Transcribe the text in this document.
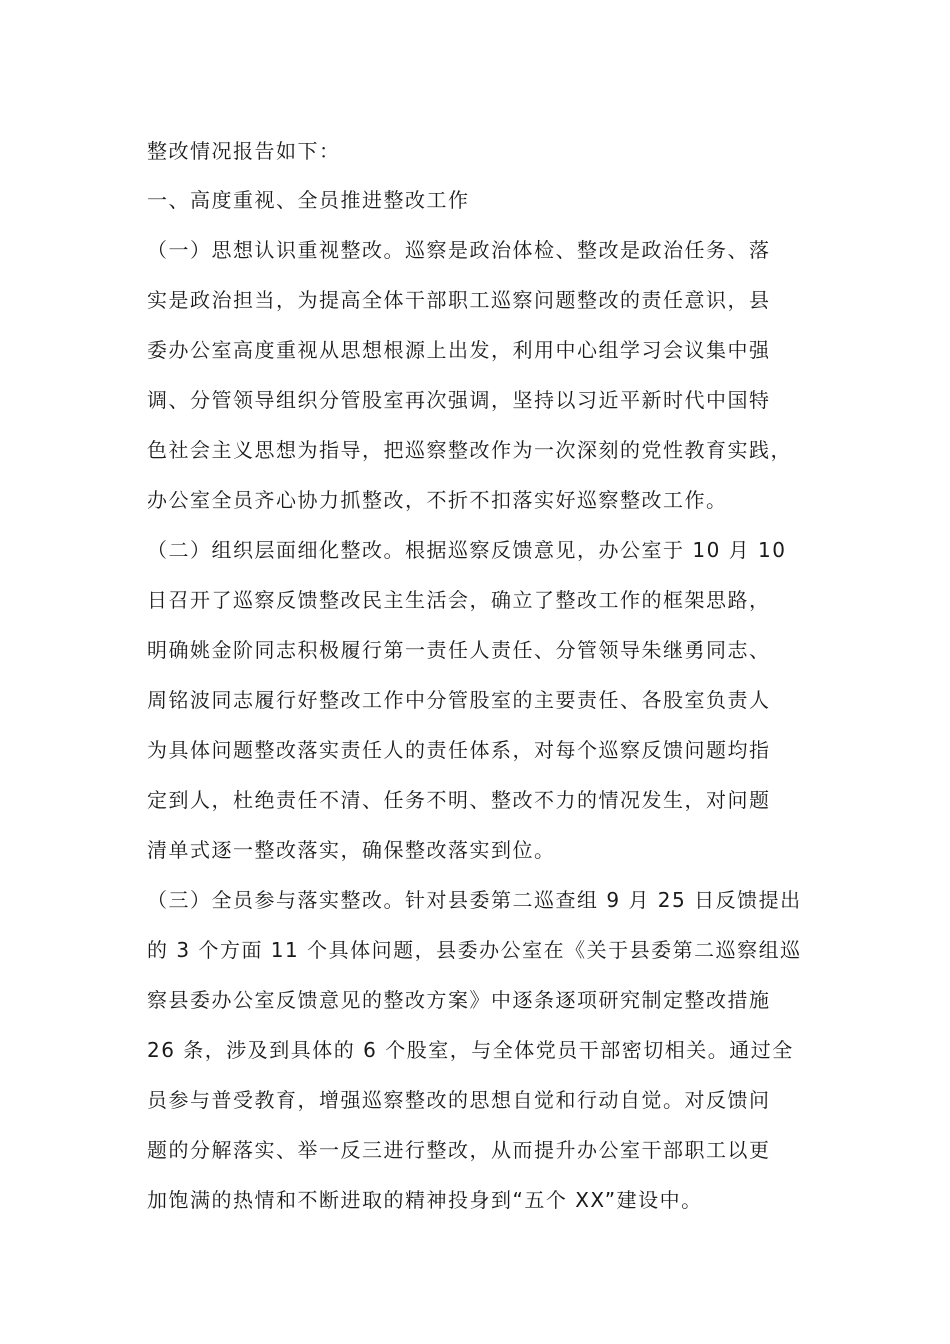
整改情况报告如下：
一、高度重视、全员推进整改工作
（一）思想认识重视整改。巡察是政治体检、整改是政治任务、落
实是政治担当，为提高全体干部职工巡察问题整改的责任意识，县
委办公室高度重视从思想根源上出发，利用中心组学习会议集中强
调、分管领导组织分管股室再次强调，坚持以习近平新时代中国特
色社会主义思想为指导，把巡察整改作为一次深刻的党性教育实践，
办公室全员齐心协力抓整改，不折不扣落实好巡察整改工作。
（二）组织层面细化整改。根据巡察反馈意见，办公室于 10 月 10
日召开了巡察反馈整改民主生活会，确立了整改工作的框架思路，
明确姚金阶同志积极履行第一责任人责任、分管领导朱继勇同志、
周铭波同志履行好整改工作中分管股室的主要责任、各股室负责人
为具体问题整改落实责任人的责任体系，对每个巡察反馈问题均指
定到人，杜绝责任不清、任务不明、整改不力的情况发生，对问题
清单式逐一整改落实，确保整改落实到位。
（三）全员参与落实整改。针对县委第二巡查组 9 月 25 日反馈提出
的 3 个方面 11 个具体问题，县委办公室在《关于县委第二巡察组巡
察县委办公室反馈意见的整改方案》中逐条逐项研究制定整改措施
26 条，涉及到具体的 6 个股室，与全体党员干部密切相关。通过全
员参与普受教育，增强巡察整改的思想自觉和行动自觉。对反馈问
题的分解落实、举一反三进行整改，从而提升办公室干部职工以更
加饱满的热情和不断进取的精神投身到“五个 XX”建设中。
